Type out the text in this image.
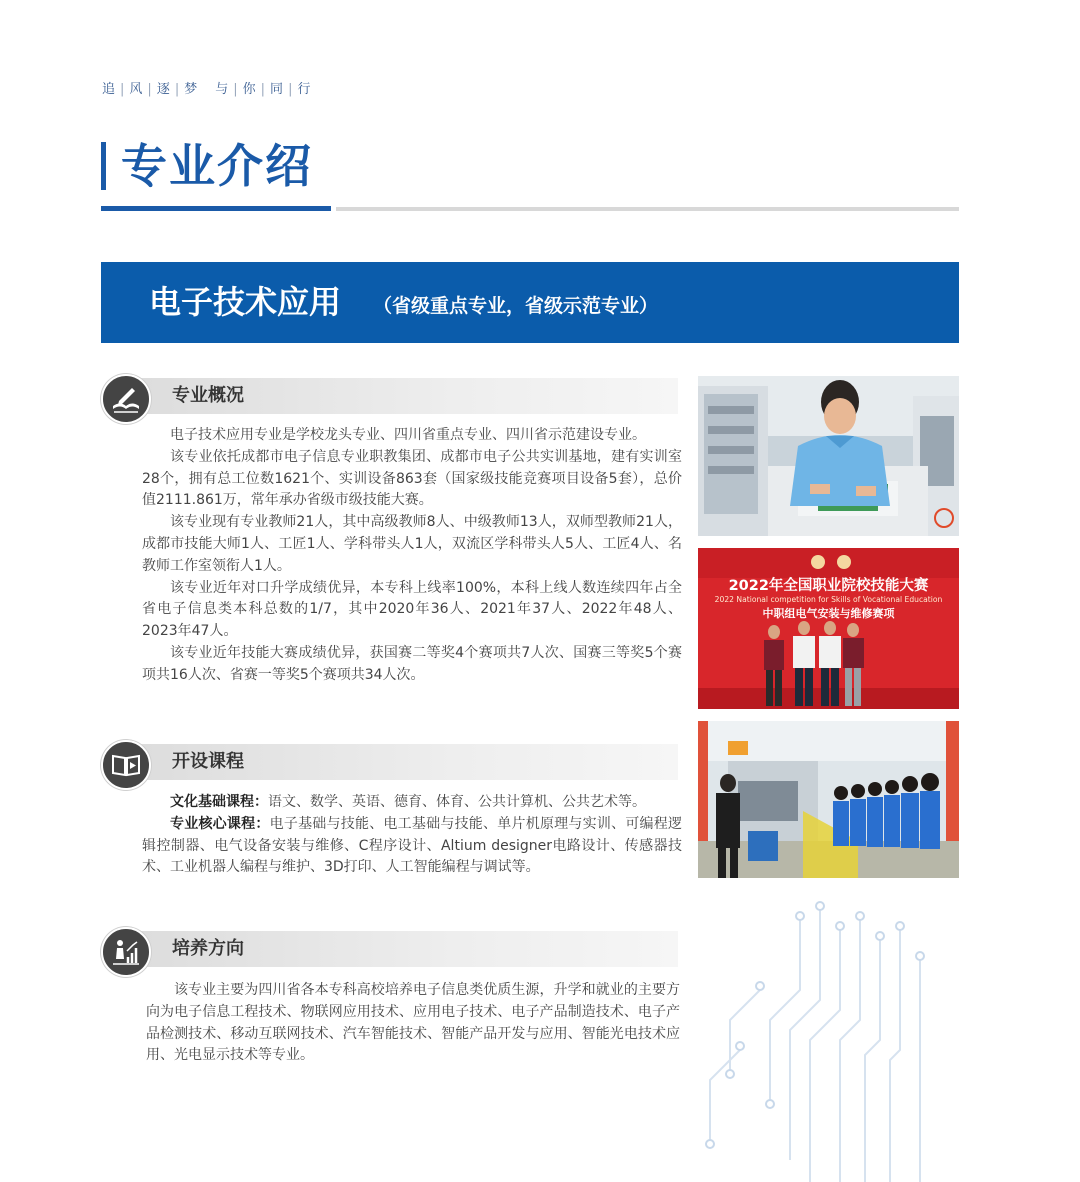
追 | 风 | 逐 | 梦 与 | 你 | 同 | 行
专业介绍
电子技术应用 （省级重点专业，省级示范专业）
专业概况

电子技术应用专业是学校龙头专业、四川省重点专业、四川省示范建设专业。

该专业依托成都市电子信息专业职教集团、成都市电子公共实训基地，建有实训室28个，拥有总工位数1621个、实训设备863套（国家级技能竞赛项目设备5套），总价值2111.861万，常年承办省级市级技能大赛。

该专业现有专业教师21人，其中高级教师8人、中级教师13人，双师型教师21人，成都市技能大师1人、工匠1人、学科带头人1人，双流区学科带头人5人、工匠4人、名教师工作室领衔人1人。

该专业近年对口升学成绩优异，本专科上线率100%，本科上线人数连续四年占全省电子信息类本科总数的1/7，其中2020年36人、2021年37人、2022年48人、2023年47人。

该专业近年技能大赛成绩优异，获国赛二等奖4个赛项共7人次、国赛三等奖5个赛项共16人次、省赛一等奖5个赛项共34人次。

开设课程

文化基础课程：语文、数学、英语、德育、体育、公共计算机、公共艺术等。

专业核心课程：电子基础与技能、电工基础与技能、单片机原理与实训、可编程逻辑控制器、电气设备安装与维修、C程序设计、Altium designer电路设计、传感器技术、工业机器人编程与维护、3D打印、人工智能编程与调试等。

培养方向

该专业主要为四川省各本专科高校培养电子信息类优质生源，升学和就业的主要方向为电子信息工程技术、物联网应用技术、应用电子技术、电子产品制造技术、电子产品检测技术、移动互联网技术、汽车智能技术、智能产品开发与应用、智能光电技术应用、光电显示技术等专业。

2022年全国职业院校技能大赛
2022 National competition for Skills of Vocational Education
中职组电气安装与维修赛项
